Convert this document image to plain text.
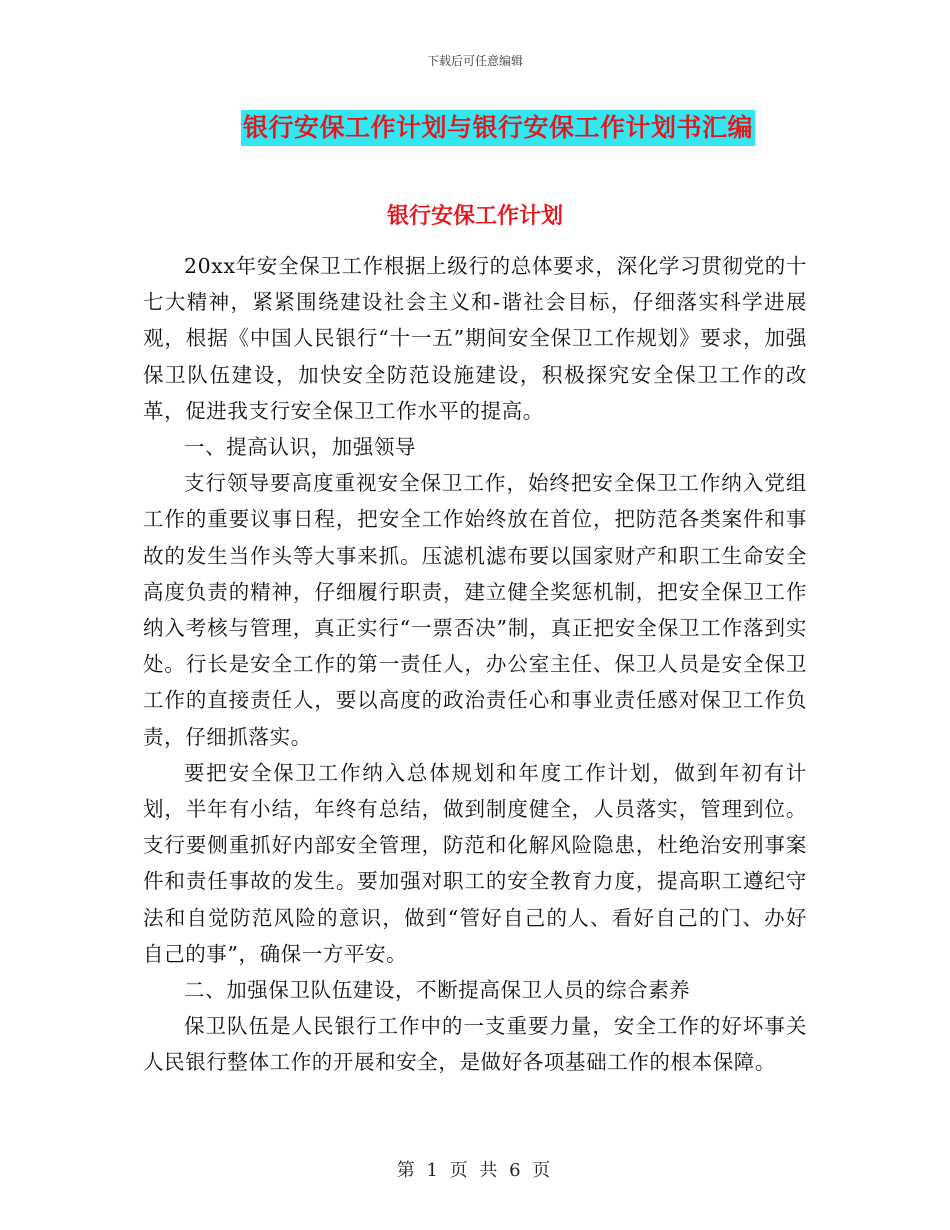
下载后可任意编辑
银行安保工作计划与银行安保工作计划书汇编
银行安保工作计划

20xx年安全保卫工作根据上级行的总体要求，深化学习贯彻党的十七大精神，紧紧围绕建设社会主义和-谐社会目标，仔细落实科学进展观，根据《中国人民银行“十一五”期间安全保卫工作规划》要求，加强保卫队伍建设，加快安全防范设施建设，积极探究安全保卫工作的改革，促进我支行安全保卫工作水平的提高。

一、提高认识，加强领导

支行领导要高度重视安全保卫工作，始终把安全保卫工作纳入党组工作的重要议事日程，把安全工作始终放在首位，把防范各类案件和事故的发生当作头等大事来抓。压滤机滤布要以国家财产和职工生命安全高度负责的精神，仔细履行职责，建立健全奖惩机制，把安全保卫工作纳入考核与管理，真正实行“一票否决”制，真正把安全保卫工作落到实处。行长是安全工作的第一责任人，办公室主任、保卫人员是安全保卫工作的直接责任人，要以高度的政治责任心和事业责任感对保卫工作负责，仔细抓落实。

要把安全保卫工作纳入总体规划和年度工作计划，做到年初有计划，半年有小结，年终有总结，做到制度健全，人员落实，管理到位。支行要侧重抓好内部安全管理，防范和化解风险隐患，杜绝治安刑事案件和责任事故的发生。要加强对职工的安全教育力度，提高职工遵纪守法和自觉防范风险的意识，做到“管好自己的人、看好自己的门、办好自己的事”，确保一方平安。

二、加强保卫队伍建设，不断提高保卫人员的综合素养

保卫队伍是人民银行工作中的一支重要力量，安全工作的好坏事关人民银行整体工作的开展和安全，是做好各项基础工作的根本保障。

第 1 页 共 6 页
